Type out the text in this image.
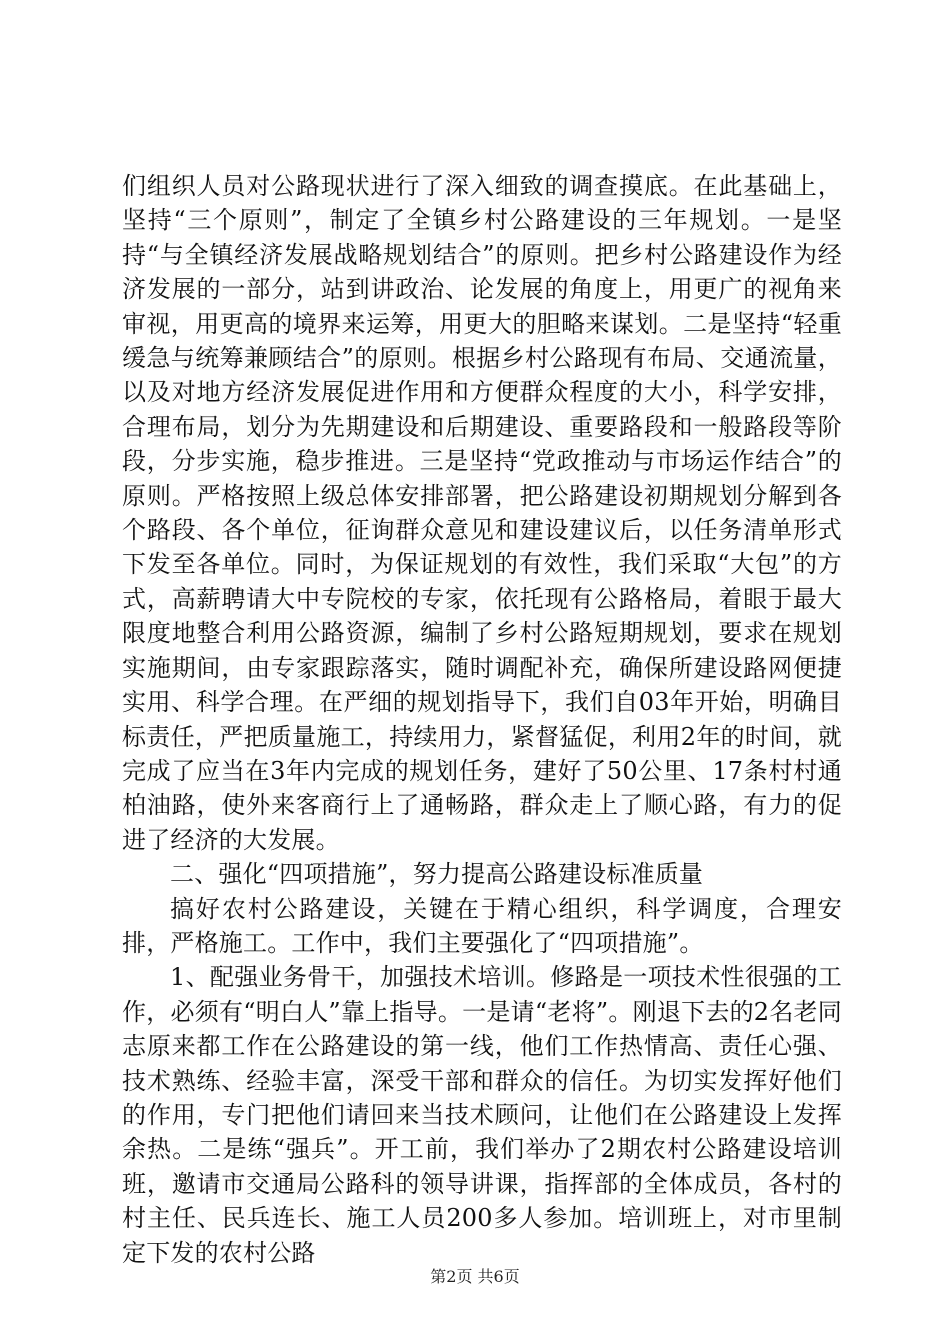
们组织人员对公路现状进行了深入细致的调查摸底。在此基础上，坚持“三个原则”，制定了全镇乡村公路建设的三年规划。一是坚持“与全镇经济发展战略规划结合”的原则。把乡村公路建设作为经济发展的一部分，站到讲政治、论发展的角度上，用更广的视角来审视，用更高的境界来运筹，用更大的胆略来谋划。二是坚持“轻重缓急与统筹兼顾结合”的原则。根据乡村公路现有布局、交通流量，以及对地方经济发展促进作用和方便群众程度的大小，科学安排，合理布局，划分为先期建设和后期建设、重要路段和一般路段等阶段，分步实施，稳步推进。三是坚持“党政推动与市场运作结合”的原则。严格按照上级总体安排部署，把公路建设初期规划分解到各个路段、各个单位，征询群众意见和建设建议后，以任务清单形式下发至各单位。同时，为保证规划的有效性，我们采取“大包”的方式，高薪聘请大中专院校的专家，依托现有公路格局，着眼于最大限度地整合利用公路资源，编制了乡村公路短期规划，要求在规划实施期间，由专家跟踪落实，随时调配补充，确保所建设路网便捷实用、科学合理。在严细的规划指导下，我们自03年开始，明确目标责任，严把质量施工，持续用力，紧督猛促，利用2年的时间，就完成了应当在3年内完成的规划任务，建好了50公里、17条村村通柏油路，使外来客商行上了通畅路，群众走上了顺心路，有力的促进了经济的大发展。

二、强化“四项措施”，努力提高公路建设标准质量

搞好农村公路建设，关键在于精心组织，科学调度，合理安排，严格施工。工作中，我们主要强化了“四项措施”。

1、配强业务骨干，加强技术培训。修路是一项技术性很强的工作，必须有“明白人”靠上指导。一是请“老将”。刚退下去的2名老同志原来都工作在公路建设的第一线，他们工作热情高、责任心强、技术熟练、经验丰富，深受干部和群众的信任。为切实发挥好他们的作用，专门把他们请回来当技术顾问，让他们在公路建设上发挥余热。二是练“强兵”。开工前，我们举办了2期农村公路建设培训班，邀请市交通局公路科的领导讲课，指挥部的全体成员，各村的村主任、民兵连长、施工人员200多人参加。培训班上，对市里制定下发的农村公路

第2页 共6页
